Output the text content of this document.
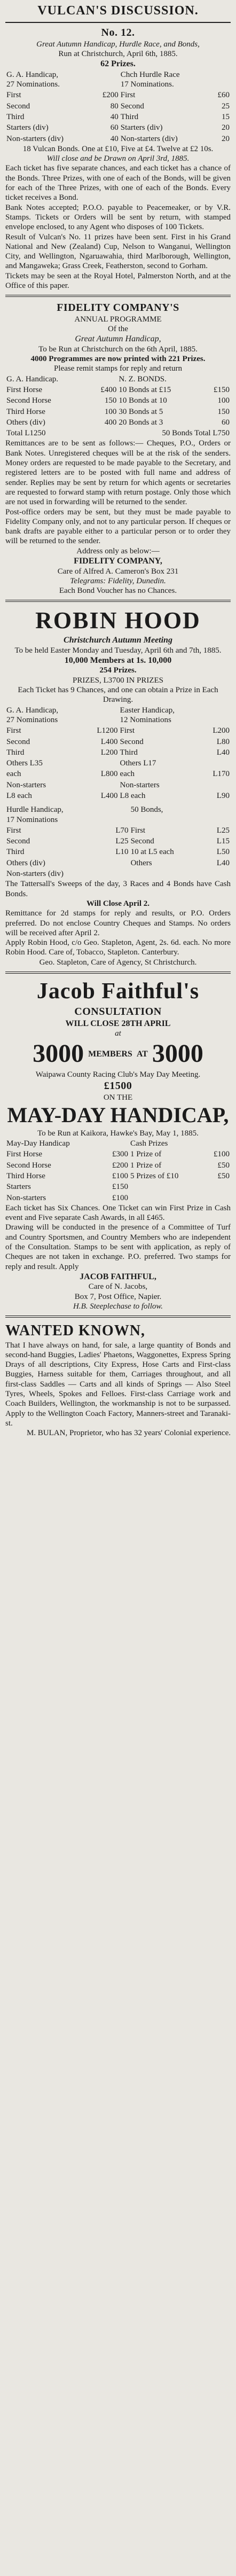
VULCAN'S DISCUSSION.
No. 12.
Great Autumn Handicap, Hurdle Race, and Bonds,
Run at Christchurch, April 6th, 1885.
62 Prizes.
G. A. Handicap,
27 Nominations.		Chch Hurdle Race
17 Nominations.	
First	£200	First	£60
Second	80	Second	25
Third	40	Third	15
Starters (div)	60	Starters (div)	20
Non-starters (div)	40	Non-starters (div)	20
18 Vulcan Bonds. One at £10, Five at £4. Twelve at £2 10s.
Will close and be Drawn on April 3rd, 1885.
Each ticket has five separate chances, and each ticket has a chance of the Bonds. Three Prizes, with one of each of the Bonds, will be given for each of the Three Prizes, with one of each of the Bonds. Every ticket receives a Bond.
Bank Notes accepted; P.O.O. payable to Peacemeaker, or by V.R. Stamps. Tickets or Orders will be sent by return, with stamped envelope enclosed, to any Agent who disposes of 100 Tickets.
Result of Vulcan's No. 11 prizes have been sent. First in his Grand National and New (Zealand) Cup, Nelson to Wanganui, Wellington City, and Wellington, Ngaruawahia, third Marlborough, Wellington, and Mangaweka; Grass Creek, Featherston, second to Gorham.
Tickets may be seen at the Royal Hotel, Palmerston North, and at the Office of this paper.
FIDELITY COMPANY'S
ANNUAL PROGRAMME
Of the
Great Autumn Handicap,
To be Run at Christchurch on the 6th April, 1885.
4000 Programmes are now printed with 221 Prizes.
Please remit stamps for reply and return
G. A. Handicap.		N. Z. BONDS.	
First Horse	£400	10 Bonds at £15	£150
Second Horse	150	10 Bonds at 10	100
Third Horse	100	30 Bonds at 5	150
Others (div)	400	20 Bonds at 3	60
Total L1250		50 Bonds Total L750	
Remittances are to be sent as follows:— Cheques, P.O., Orders or Bank Notes. Unregistered cheques will be at the risk of the senders. Money orders are requested to be made payable to the Secretary, and registered letters are to be posted with full name and address of sender. Replies may be sent by return for which agents or secretaries are requested to forward stamp with return postage. Only those which are not used in forwarding will be returned to the sender.
Post-office orders may be sent, but they must be made payable to Fidelity Company only, and not to any particular person. If cheques or bank drafts are payable either to a particular person or to order they will be returned to the sender.
Address only as below:—
FIDELITY COMPANY,
Care of Alfred A. Cameron's Box 231
Telegrams: Fidelity, Dunedin.
Each Bond Voucher has no Chances.
ROBIN HOOD
Christchurch Autumn Meeting
To be held Easter Monday and Tuesday, April 6th and 7th, 1885.
10,000 Members at 1s. 10,000
254 Prizes.
PRIZES, L3700 IN PRIZES
Each Ticket has 9 Chances, and one can obtain a Prize in Each Drawing.
G. A. Handicap,
27 Nominations		Easter Handicap,
12 Nominations	
First	L1200	First	L200
Second	L400	Second	L80
Third	L200	Third	L40
Others L35		Others L17	
each	L800	each	L170
Non-starters		Non-starters	
L8 each	L400	L8 each	L90
Hurdle Handicap,
17 Nominations		50 Bonds,	
First	L70	First	L25
Second	L25	Second	L15
Third	L10	10 at L5 each	L50
Others (div)		Others	L40
Non-starters (div)			
The Tattersall's Sweeps of the day, 3 Races and 4 Bonds have Cash Bonds.
Will Close April 2.
Remittance for 2d stamps for reply and results, or P.O. Orders preferred. Do not enclose Country Cheques and Stamps. No orders will be received after April 2.
Apply Robin Hood, c/o Geo. Stapleton, Agent, 2s. 6d. each. No more Robin Hood. Care of, Tobacco, Stapleton. Canterbury.
Geo. Stapleton, Care of Agency, St Christchurch.
Jacob Faithful's
CONSULTATION
WILL CLOSE 28TH APRIL
at
3000 MEMBERS AT 3000
Waipawa County Racing Club's May Day Meeting.
£1500
ON THE
MAY-DAY HANDICAP,
To be Run at Kaikora, Hawke's Bay, May 1, 1885.
May-Day Handicap		Cash Prizes	
First Horse	£300	1 Prize of	£100
Second Horse	£200	1 Prize of	£50
Third Horse	£100	5 Prizes of £10	£50
Starters	£150		
Non-starters	£100		
Each ticket has Six Chances. One Ticket can win First Prize in Cash event and Five separate Cash Awards, in all £465.
Drawing will be conducted in the presence of a Committee of Turf and Country Sportsmen, and Country Members who are independent of the Consultation. Stamps to be sent with application, as reply of Cheques are not taken in exchange. P.O. preferred. Two stamps for reply and result. Apply
JACOB FAITHFUL,
Care of N. Jacobs,
Box 7, Post Office, Napier.
H.B. Steeplechase to follow.
WANTED KNOWN,
That I have always on hand, for sale, a large quantity of Bonds and second-hand Buggies, Ladies' Phaetons, Waggonettes, Express Spring Drays of all descriptions, City Express, Hose Carts and First-class Buggies, Harness suitable for them, Carriages throughout, and all first-class Saddles — Carts and all kinds of Springs — Also Steel Tyres, Wheels, Spokes and Felloes. First-class Carriage work and Coach Builders, Wellington, the workmanship is not to be surpassed. Apply to the Wellington Coach Factory, Manners-street and Taranaki-st.
M. BULAN, Proprietor, who has 32 years' Colonial experience.
